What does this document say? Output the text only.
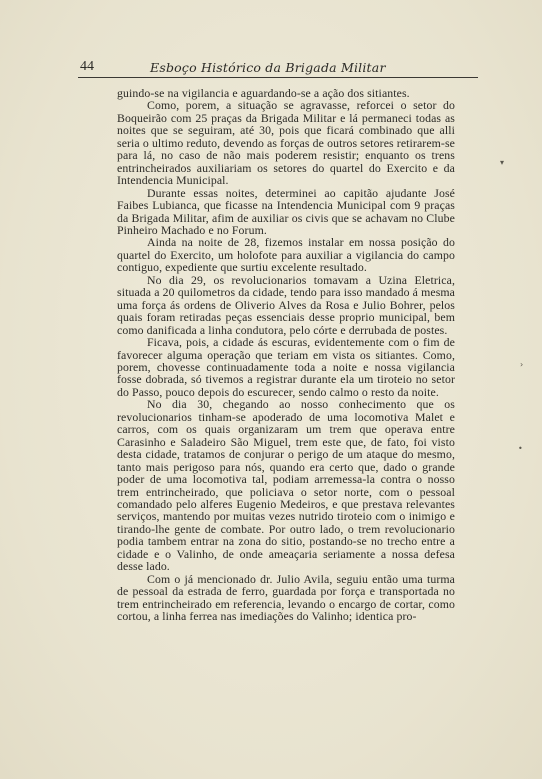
44	Esboço Histórico da Brigada Militar

guindo-se na vigilancia e aguardando-se a ação dos sitiantes.

Como, porem, a situação se agravasse, reforcei o setor do Boqueirão com 25 praças da Brigada Militar e lá permaneci todas as noites que se seguiram, até 30, pois que ficará combinado que alli seria o ultimo reduto, devendo as forças de outros setores retirarem-se para lá, no caso de não mais poderem resistir; enquanto os trens entrincheirados auxiliariam os setores do quartel do Exercito e da Intendencia Municipal.

Durante essas noites, determinei ao capitão ajudante José Faibes Lubianca, que ficasse na Intendencia Municipal com 9 praças da Brigada Militar, afim de auxiliar os civis que se achavam no Clube Pinheiro Machado e no Forum.

Ainda na noite de 28, fizemos instalar em nossa posição do quartel do Exercito, um holofote para auxiliar a vigilancia do campo contiguo, expediente que surtiu excelente resultado.

No dia 29, os revolucionarios tomavam a Uzina Eletrica, situada a 20 quilometros da cidade, tendo para isso mandado á mesma uma força ás ordens de Oliverio Alves da Rosa e Julio Bohrer, pelos quais foram retiradas peças essenciais desse proprio municipal, bem como danificada a linha condutora, pelo córte e derrubada de postes.

Ficava, pois, a cidade ás escuras, evidentemente com o fim de favorecer alguma operação que teriam em vista os sitiantes. Como, porem, chovesse continuadamente toda a noite e nossa vigilancia fosse dobrada, só tivemos a registrar durante ela um tiroteio no setor do Passo, pouco depois do escurecer, sendo calmo o resto da noite.

No dia 30, chegando ao nosso conhecimento que os revolucionarios tinham-se apoderado de uma locomotiva Malet e carros, com os quais organizaram um trem que operava entre Carasinho e Saladeiro São Miguel, trem este que, de fato, foi visto desta cidade, tratamos de conjurar o perigo de um ataque do mesmo, tanto mais perigoso para nós, quando era certo que, dado o grande poder de uma locomotiva tal, podiam arremessa-la contra o nosso trem entrincheirado, que policiava o setor norte, com o pessoal comandado pelo alferes Eugenio Medeiros, e que prestava relevantes serviços, mantendo por muitas vezes nutrido tiroteio com o inimigo e tirando-lhe gente de combate. Por outro lado, o trem revolucionario podia tambem entrar na zona do sitio, postando-se no trecho entre a cidade e o Valinho, de onde ameaçaria seriamente a nossa defesa desse lado.

Com o já mencionado dr. Julio Avila, seguiu então uma turma de pessoal da estrada de ferro, guardada por força e transportada no trem entrincheirado em referencia, levando o encargo de cortar, como cortou, a linha ferrea nas imediações do Valinho; identica pro-

▾
›
•
